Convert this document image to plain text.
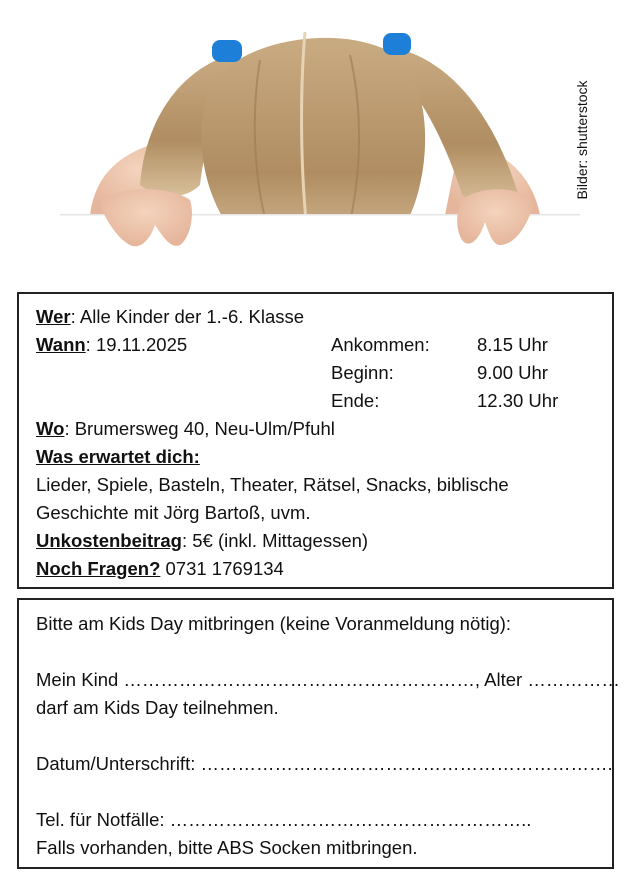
Bilder: shutterstock
Wer: Alle Kinder der 1.-6. Klasse
Wann: 19.11.2025	Ankommen:	8.15 Uhr
Beginn:	9.00 Uhr
Ende:	12.30 Uhr
Wo: Brumersweg 40, Neu-Ulm/Pfuhl
Was erwartet dich:
Lieder, Spiele, Basteln, Theater, Rätsel, Snacks, biblische
Geschichte mit Jörg Bartoß, uvm.
Unkostenbeitrag: 5€ (inkl. Mittagessen)
Noch Fragen? 0731 1769134
Bitte am Kids Day mitbringen (keine Voranmeldung nötig):
Mein Kind …………………………………………………, Alter ……………
darf am Kids Day teilnehmen.
Datum/Unterschrift: ………………………………………………………….
Tel. für Notfälle: …………………………………………………..
Falls vorhanden, bitte ABS Socken mitbringen.
